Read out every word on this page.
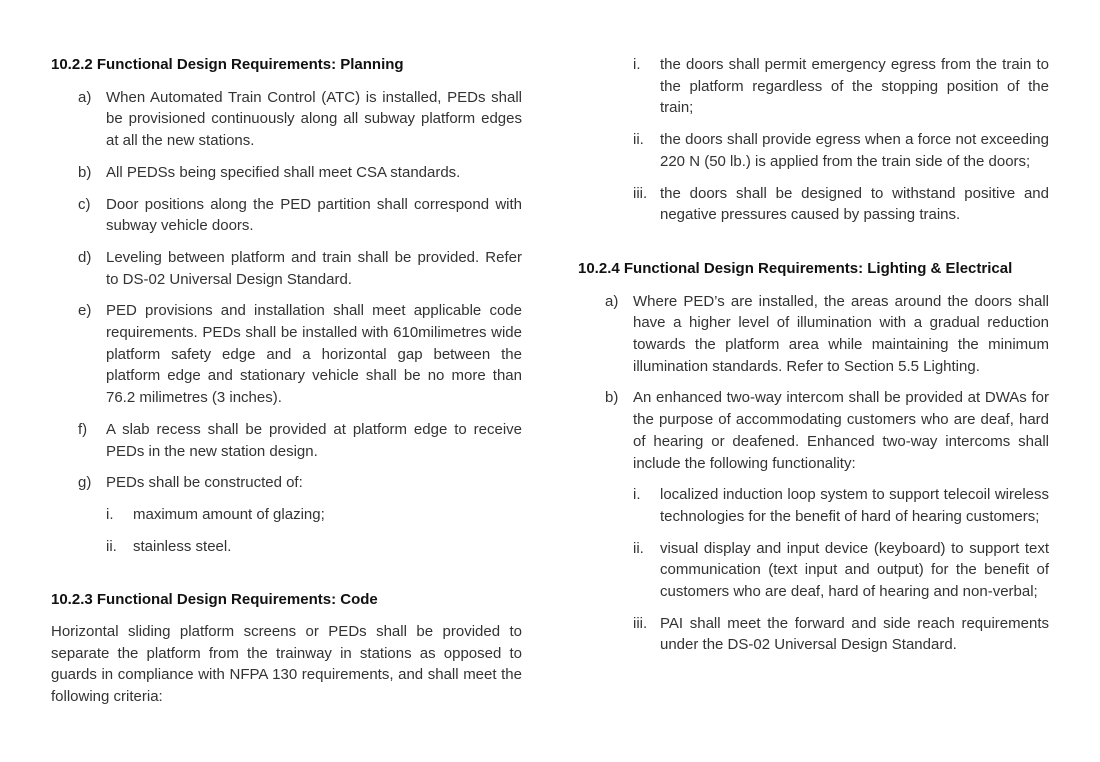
10.2.2 Functional Design Requirements: Planning
a) When Automated Train Control (ATC) is installed, PEDs shall be provisioned continuously along all subway platform edges at all the new stations.
b) All PEDSs being specified shall meet CSA standards.
c) Door positions along the PED partition shall correspond with subway vehicle doors.
d) Leveling between platform and train shall be provided. Refer to DS-02 Universal Design Standard.
e) PED provisions and installation shall meet applicable code requirements. PEDs shall be installed with 610milimetres wide platform safety edge and a horizontal gap between the platform edge and stationary vehicle shall be no more than 76.2 milimetres (3 inches).
f) A slab recess shall be provided at platform edge to receive PEDs in the new station design.
g) PEDs shall be constructed of:
i. maximum amount of glazing;
ii. stainless steel.
10.2.3 Functional Design Requirements: Code
Horizontal sliding platform screens or PEDs shall be provided to separate the platform from the trainway in stations as opposed to guards in compliance with NFPA 130 requirements, and shall meet the following criteria:
i. the doors shall permit emergency egress from the train to the platform regardless of the stopping position of the train;
ii. the doors shall provide egress when a force not exceeding 220 N (50 lb.) is applied from the train side of the doors;
iii. the doors shall be designed to withstand positive and negative pressures caused by passing trains.
10.2.4 Functional Design Requirements: Lighting & Electrical
a) Where PED’s are installed, the areas around the doors shall have a higher level of illumination with a gradual reduction towards the platform area while maintaining the minimum illumination standards. Refer to Section 5.5 Lighting.
b) An enhanced two-way intercom shall be provided at DWAs for the purpose of accommodating customers who are deaf, hard of hearing or deafened. Enhanced two-way intercoms shall include the following functionality:
i. localized induction loop system to support telecoil wireless technologies for the benefit of hard of hearing customers;
ii. visual display and input device (keyboard) to support text communication (text input and output) for the benefit of customers who are deaf, hard of hearing and non-verbal;
iii. PAI shall meet the forward and side reach requirements under the DS-02 Universal Design Standard.
